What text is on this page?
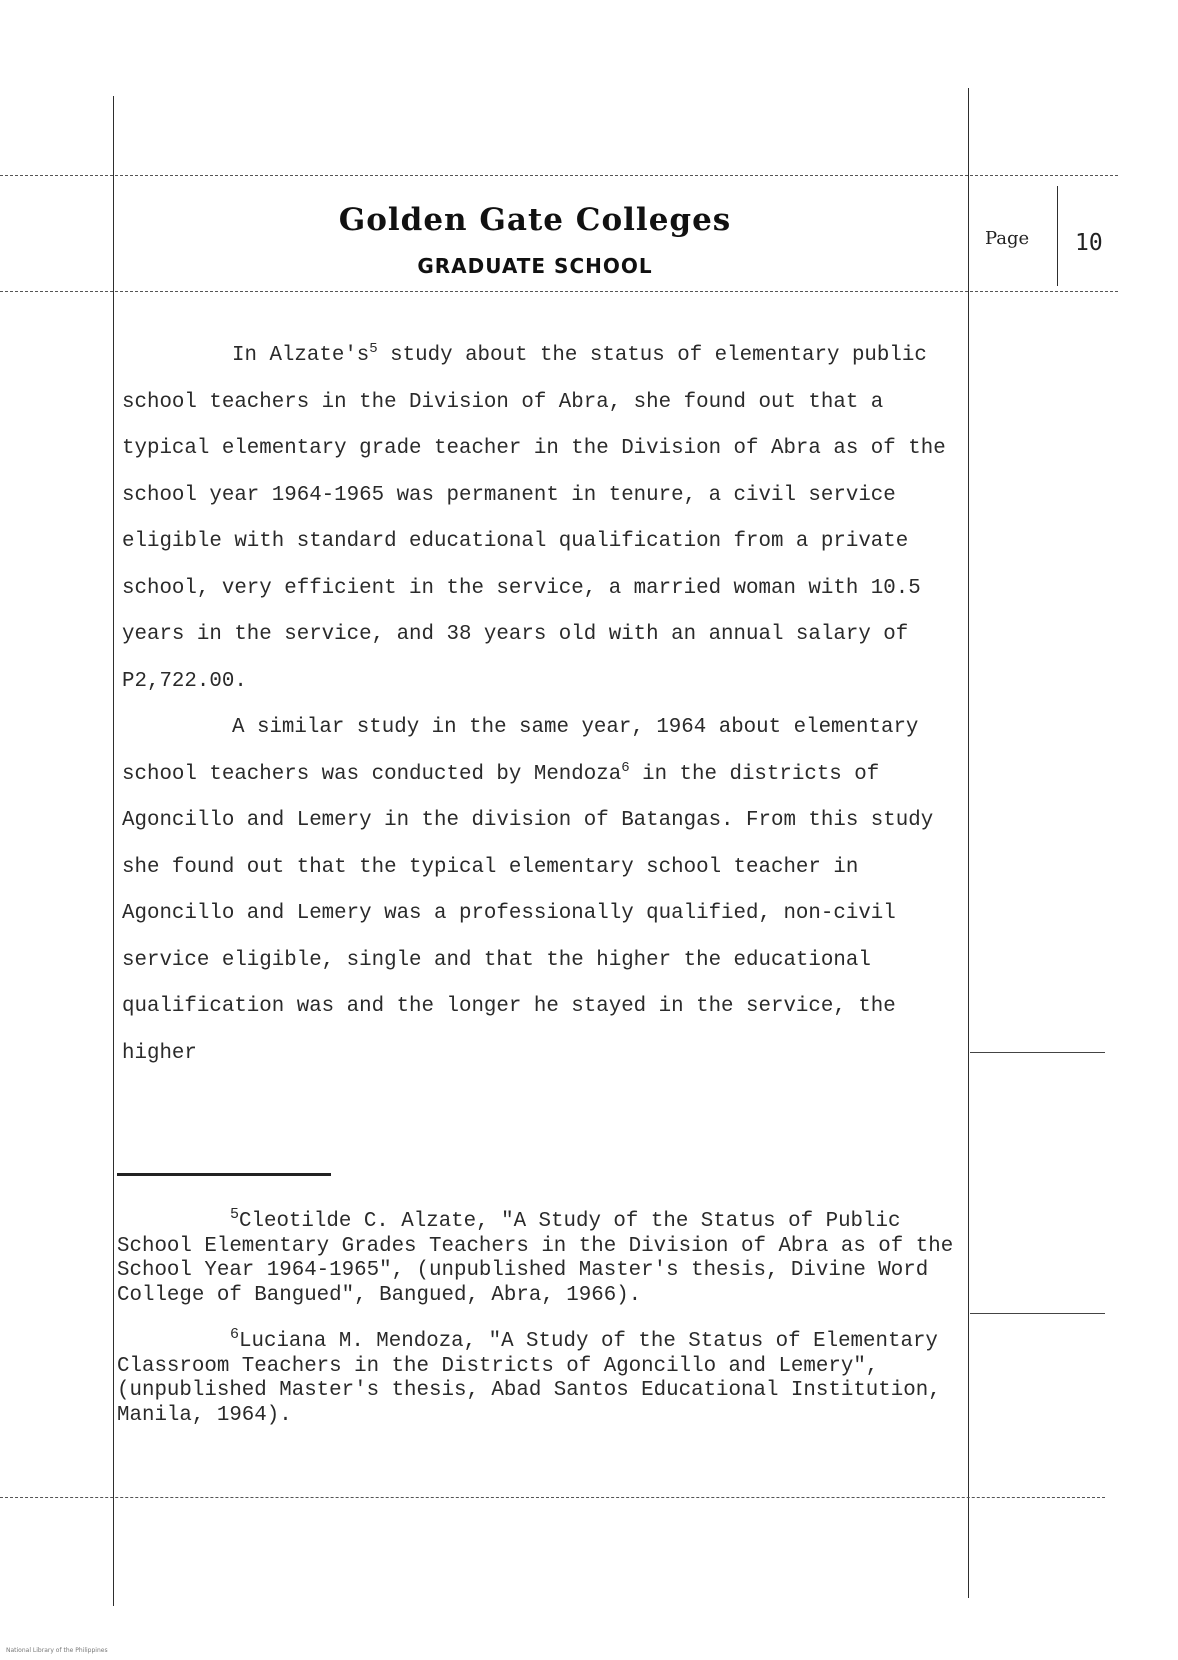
Golden Gate Colleges
GRADUATE SCHOOL
Page 10

In $Alzate's^5$ study about the status of elementary public school teachers in the Division of Abra, she found out that a typical elementary grade teacher in the Division of Abra as of the school year 1964-1965 was permanent in tenure, a civil service eligible with standard educational qualification from a private school, very efficient in the service, a married woman with 10.5 years in the service, and 38 years old with an annual salary of P2,722.00.

A similar study in the same year, 1964 about elementary school teachers was conducted by Mendoza$^6$ in the districts of Agoncillo and Lemery in the division of Batangas. From this study she found out that the typical elementary school teacher in Agoncillo and Lemery was a professionally qualified, non-civil service eligible, single and that the higher the educational qualification was and the longer he stayed in the service, the higher

$^5$Cleotilde C. Alzate, "A Study of the Status of Public School Elementary Grades Teachers in the Division of Abra as of the School Year 1964-1965", (unpublished Master's thesis, Divine Word College of Bangued", Bangued, Abra, 1966).

$^6$Luciana M. Mendoza, "A Study of the Status of Elementary Classroom Teachers in the Districts of Agoncillo and Lemery", (unpublished Master's thesis, Abad Santos Educational Institution, Manila, 1964).

National Library of the Philippines
